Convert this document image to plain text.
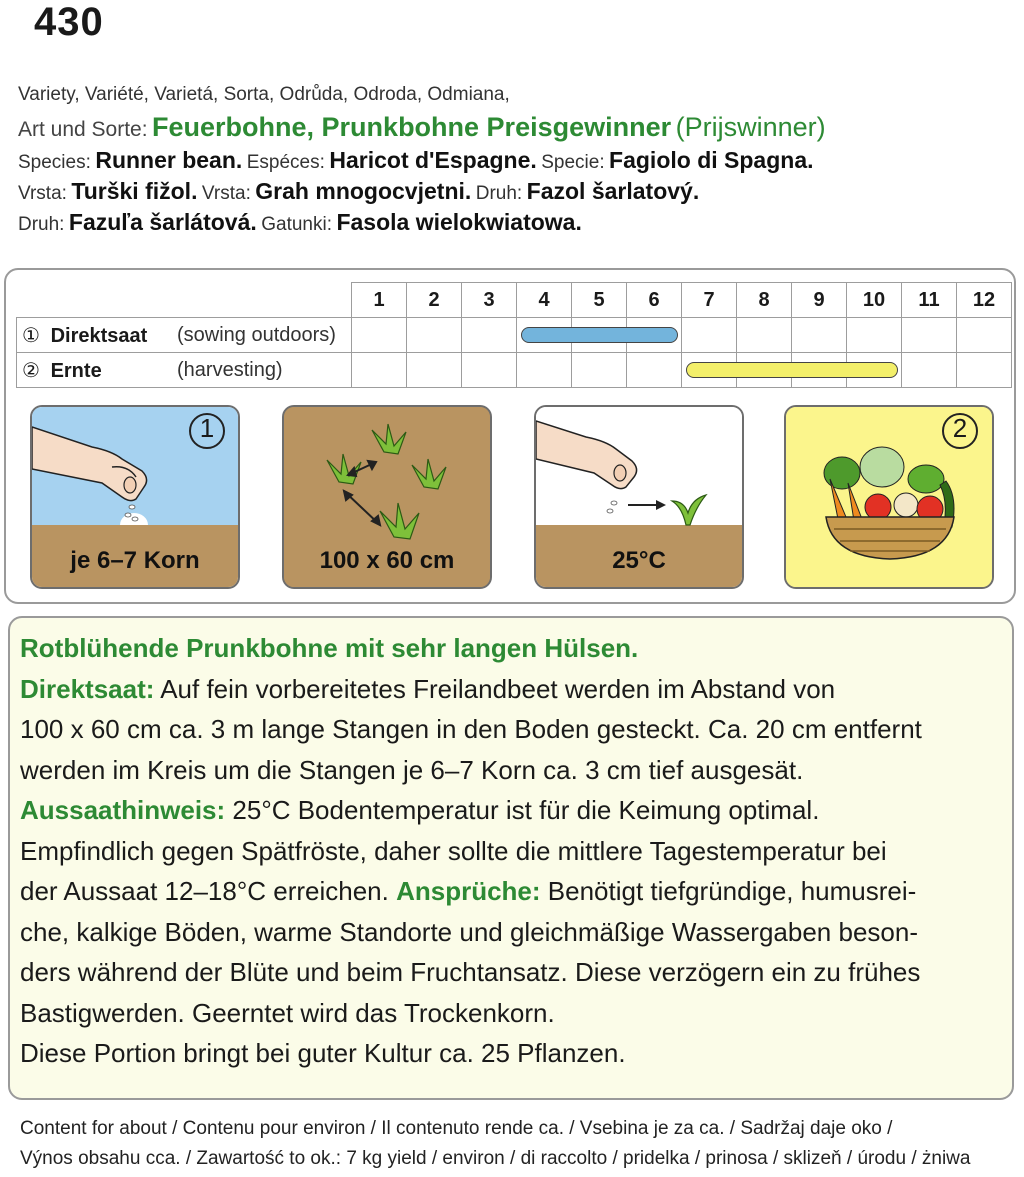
430
Variety, Variété, Varietá, Sorta, Odrůda, Odroda, Odmiana,
Art und Sorte: Feuerbohne, Prunkbohne Preisgewinner (Prijswinner)
Species: Runner bean. Espéces: Haricot d'Espagne. Specie: Fagiolo di Spagna.
Vrsta: Turški fižol. Vrsta: Grah mnogocvjetni. Druh: Fazol šarlatový.
Druh: Fazuľa šarlátová. Gatunki: Fasola wielokwiatowa.
	1	2	3	4	5	6	7	8	9	10	11	12
① Direktsaat (sowing outdoors)												

② Ernte (harvesting)												

1
je 6–7 Korn	100 x 60 cm	25°C
2

Rotblühende Prunkbohne mit sehr langen Hülsen.

Direktsaat: Auf fein vorbereitetes Freilandbeet werden im Abstand von

100 x 60 cm ca. 3 m lange Stangen in den Boden gesteckt. Ca. 20 cm entfernt

werden im Kreis um die Stangen je 6–7 Korn ca. 3 cm tief ausgesät.

Aussaathinweis: 25°C Bodentemperatur ist für die Keimung optimal.

Empfindlich gegen Spätfröste, daher sollte die mittlere Tagestemperatur bei

der Aussaat 12–18°C erreichen. Ansprüche: Benötigt tiefgründige, humusrei-

che, kalkige Böden, warme Standorte und gleichmäßige Wassergaben beson-

ders während der Blüte und beim Fruchtansatz. Diese verzögern ein zu frühes

Bastigwerden. Geerntet wird das Trockenkorn.

Diese Portion bringt bei guter Kultur ca. 25 Pflanzen.

Content for about / Contenu pour environ / Il contenuto rende ca. / Vsebina je za ca. / Sadržaj daje oko /
Výnos obsahu cca. / Zawartość to ok.: 7 kg yield / environ / di raccolto / pridelka / prinosa / sklizeň / úrodu / żniwa
